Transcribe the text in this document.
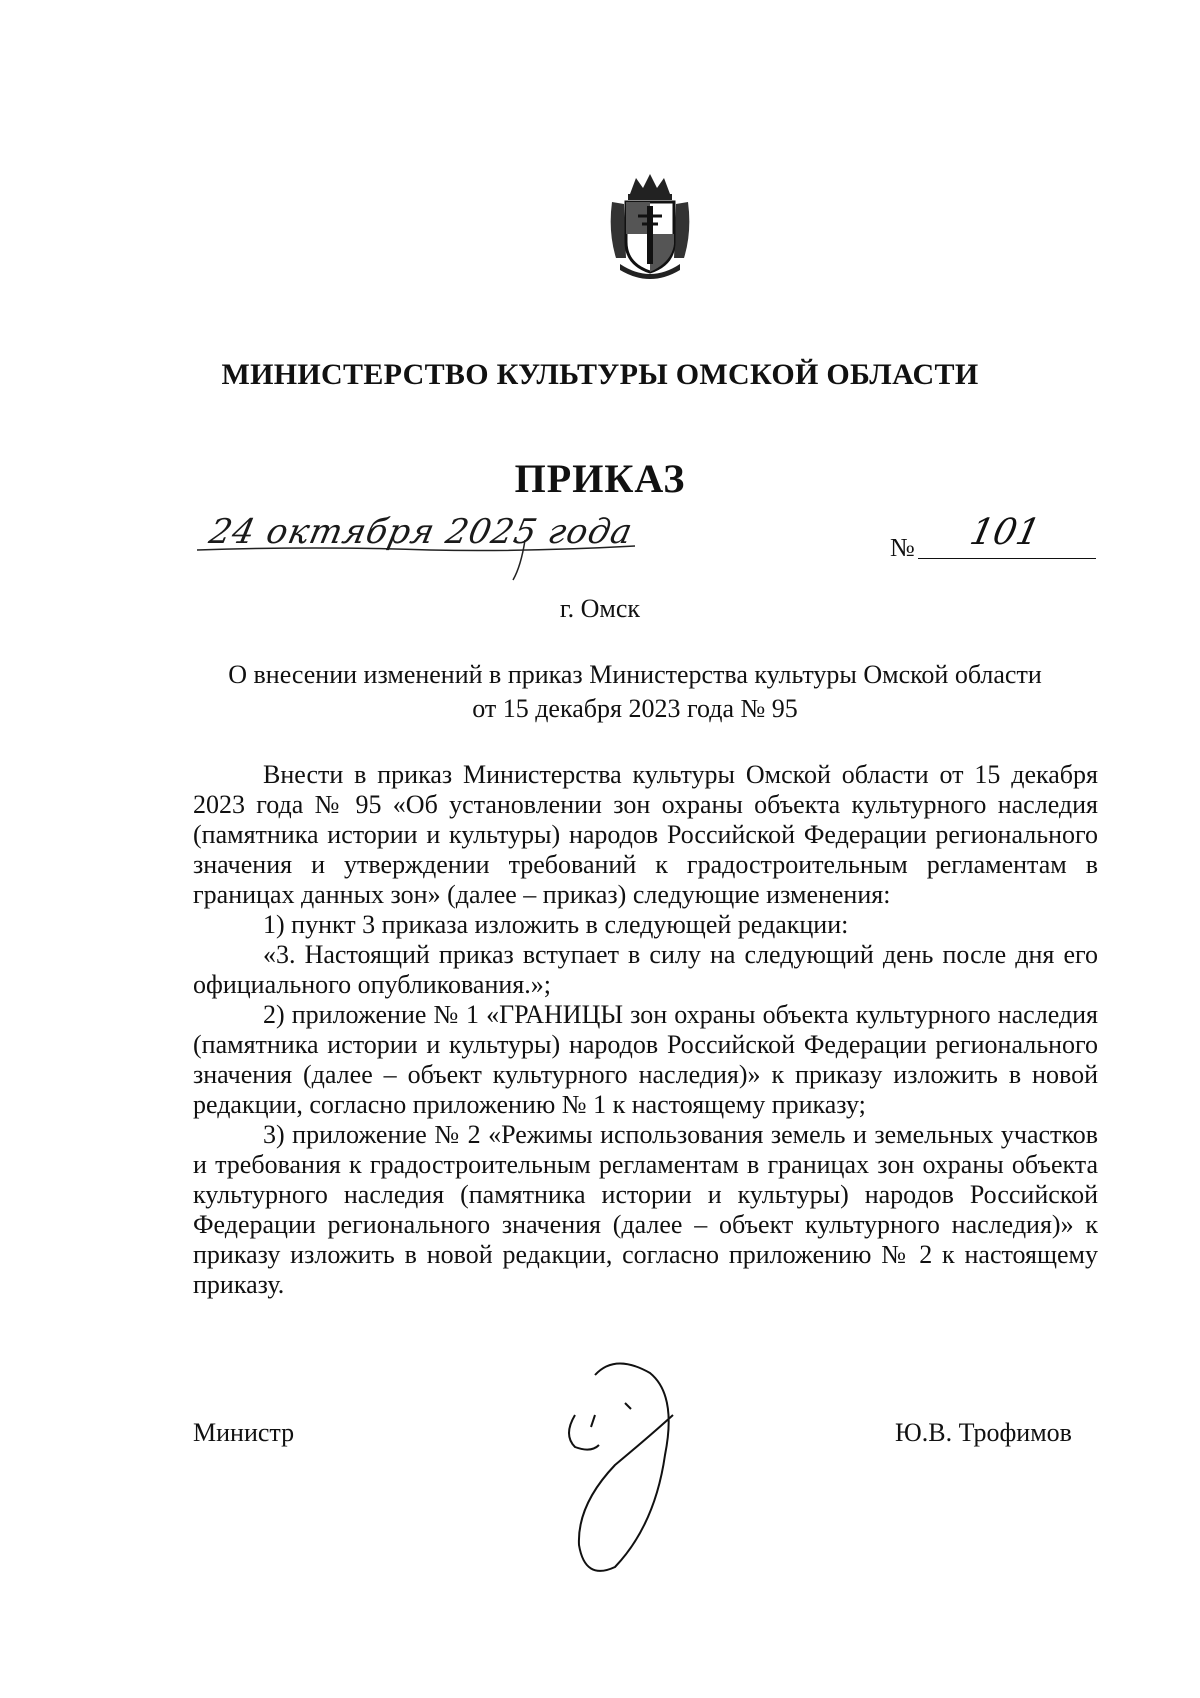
МИНИСТЕРСТВО КУЛЬТУРЫ ОМСКОЙ ОБЛАСТИ
ПРИКАЗ
24 октября 2025 года	№	101
г. Омск
О внесении изменений в приказ Министерства культуры Омской области
от 15 декабря 2023 года № 95

Внести в приказ Министерства культуры Омской области от 15 декабря 2023 года № 95 «Об установлении зон охраны объекта культурного наследия (памятника истории и культуры) народов Российской Федерации регионального значения и утверждении требований к градостроительным регламентам в границах данных зон» (далее – приказ) следующие изменения:

1) пункт 3 приказа изложить в следующей редакции:

«3. Настоящий приказ вступает в силу на следующий день после дня его официального опубликования.»;

2) приложение № 1 «ГРАНИЦЫ зон охраны объекта культурного наследия (памятника истории и культуры) народов Российской Федерации регионального значения (далее – объект культурного наследия)» к приказу изложить в новой редакции, согласно приложению № 1 к настоящему приказу;

3) приложение № 2 «Режимы использования земель и земельных участков и требования к градостроительным регламентам в границах зон охраны объекта культурного наследия (памятника истории и культуры) народов Российской Федерации регионального значения (далее – объект культурного наследия)» к приказу изложить в новой редакции, согласно приложению № 2 к настоящему приказу.

Министр	Ю.В. Трофимов
